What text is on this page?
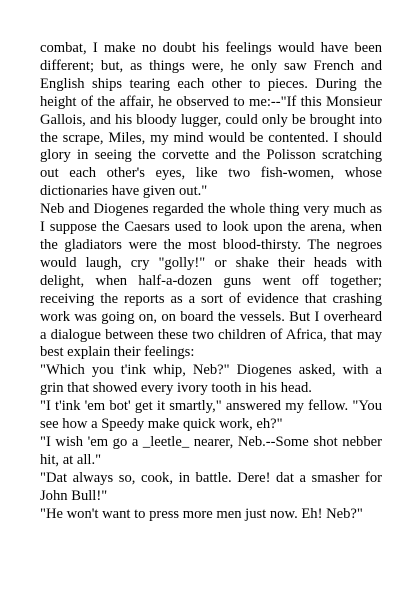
combat, I make no doubt his feelings would have been different; but, as things were, he only saw French and English ships tearing each other to pieces. During the height of the affair, he observed to me:--"If this Monsieur Gallois, and his bloody lugger, could only be brought into the scrape, Miles, my mind would be contented. I should glory in seeing the corvette and the Polisson scratching out each other's eyes, like two fish-women, whose dictionaries have given out."

Neb and Diogenes regarded the whole thing very much as I suppose the Caesars used to look upon the arena, when the gladiators were the most blood-thirsty. The negroes would laugh, cry "golly!" or shake their heads with delight, when half-a-dozen guns went off together; receiving the reports as a sort of evidence that crashing work was going on, on board the vessels. But I overheard a dialogue between these two children of Africa, that may best explain their feelings:

"Which you t'ink whip, Neb?" Diogenes asked, with a grin that showed every ivory tooth in his head.

"I t'ink 'em bot' get it smartly," answered my fellow. "You see how a Speedy make quick work, eh?"

"I wish 'em go a _leetle_ nearer, Neb.--Some shot nebber hit, at all."

"Dat always so, cook, in battle. Dere! dat a smasher for John Bull!"

"He won't want to press more men just now. Eh! Neb?"
